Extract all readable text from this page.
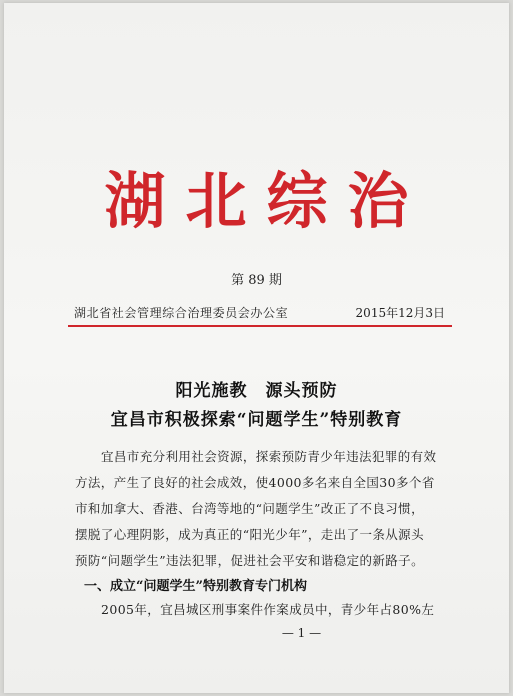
湖北综治
第 89 期
湖北省社会管理综合治理委员会办公室	2015年12月3日
阳光施教　源头预防
宜昌市积极探索“问题学生”特别教育
宜昌市充分利用社会资源，探索预防青少年违法犯罪的有效
方法，产生了良好的社会成效，使4000多名来自全国30多个省
市和加拿大、香港、台湾等地的“问题学生”改正了不良习惯，
摆脱了心理阴影，成为真正的“阳光少年”，走出了一条从源头
预防“问题学生”违法犯罪，促进社会平安和谐稳定的新路子。
一、成立“问题学生”特别教育专门机构
2005年，宜昌城区刑事案件作案成员中，青少年占80%左
— 1 —
